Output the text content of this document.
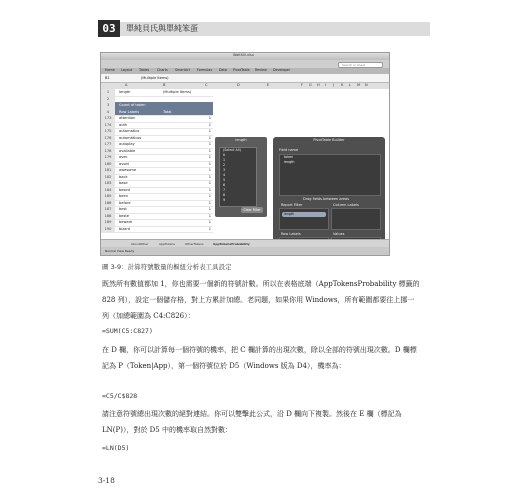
03	單純貝氏與單純笨蛋
WaitSill.xlsx
Search in sheet
Home Layout Tables Charts SmartArt Formulas Data PivotTable Review Developer
B1	(Multiple Items)
A	B	C	D	E	F G H I J K L M N
1	length	(Multiple Items)
2
3	Count of token
4	Row Labels	Total
173 attention	1
174 auth	1
175 automatico	1
176 automáticos	1
177 autoplay	1
178 available	1
179 avec	1
180 avoid	1
181 awesome	1
182 back	1
183 base	1
184 based	1
185 been	1
186 before	1
187 best	1
188 beste	1
189 beware	1
190 bizard	1
length
(Select All)
0
1
2
3
4
5
6
7
8
9
Clear Filter
PivotTable Builder
Field name
token
length
Drag fields between areas
Report Filter	Column Labels
length
Row Labels	Values
AboutOther	AppTokens	OtherTokens	AppTokensProbability
Normal View Ready
圖 3-9：計算符號數量的樞紐分析表工具設定

既然所有數值都加 1，你也需要一個新的符號計數。所以在表格底端（AppTokensProbability 標籤的 828 列），設定一個儲存格，對上方累計加總。老同題，如果你用 Windows，所有範圍都要往上挪一列（加總範圍為 C4:C826）：

=SUM(C5:C827)

在 D 欄，你可以計算每一個符號的機率，把 C 欄計算的出現次數，除以全部的符號出現次數。D 欄標記為 P（Token|App），第一個符號位於 D5（Windows 版為 D4），機率為：

=C5/C$828

請注意符號總出現次數的絕對連結。你可以雙擊此公式，沿 D 欄向下複製。然後在 E 欄（標記為 LN(P)），對於 D5 中的機率取自然對數：

=LN(D5)
3-18
